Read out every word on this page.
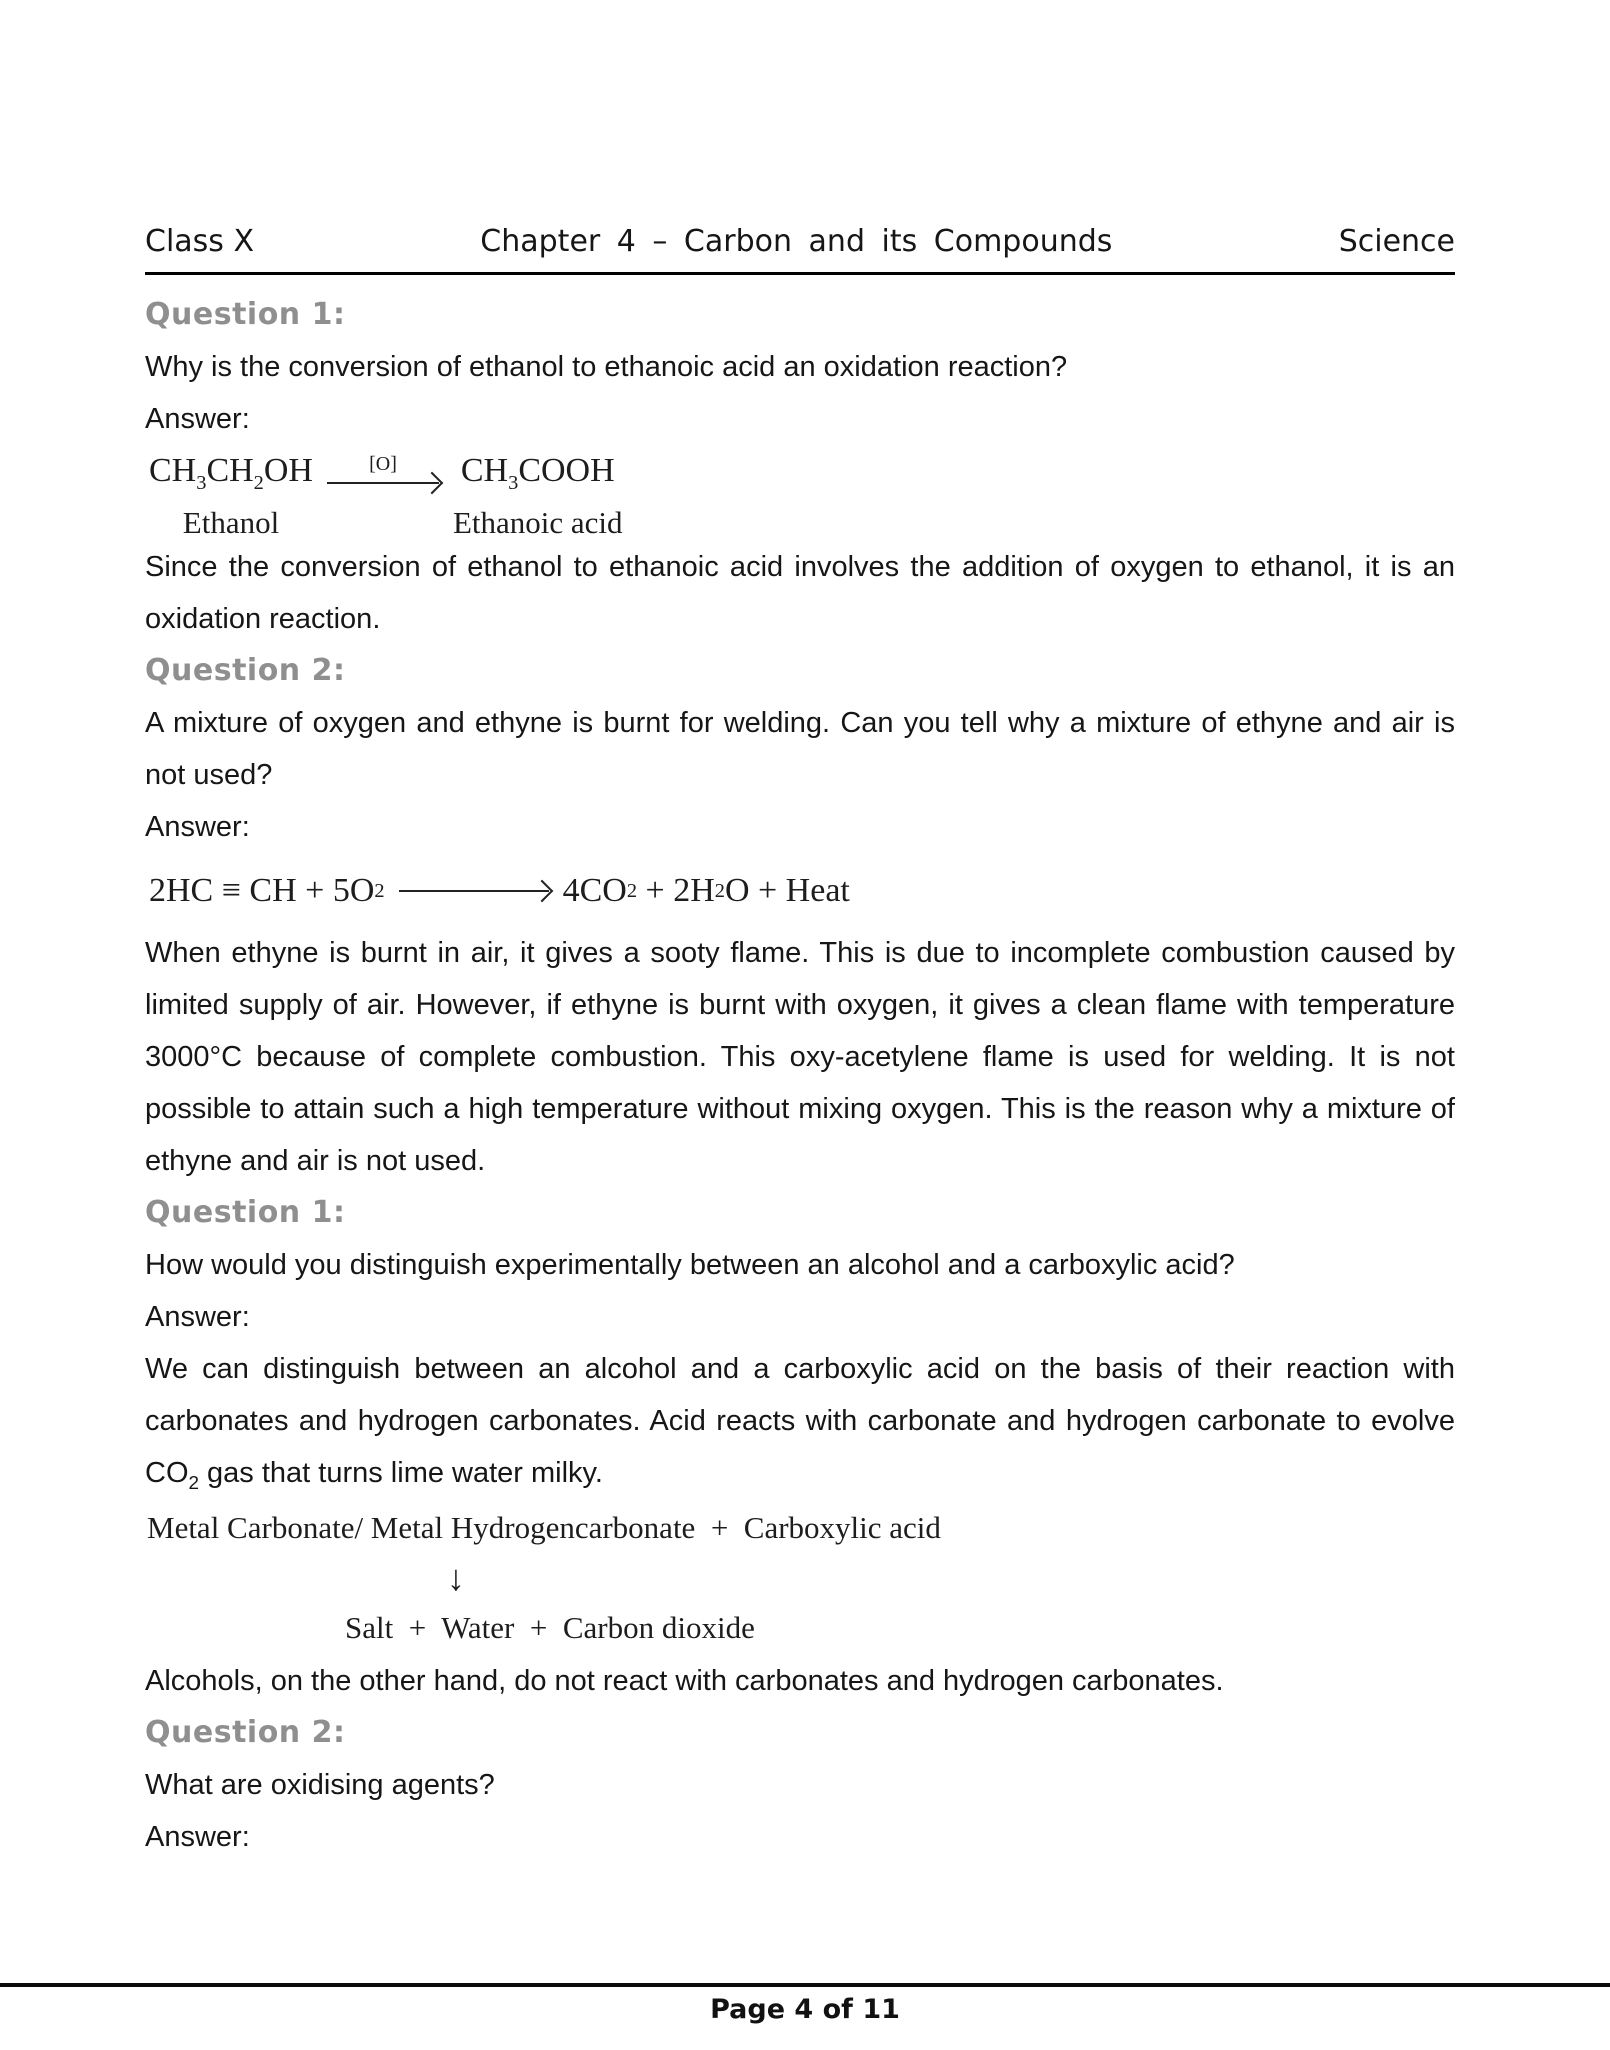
Class X	Chapter 4 – Carbon and its Compounds	Science
Question 1:

Why is the conversion of ethanol to ethanoic acid an oxidation reaction?

Answer:

$CH_3CH_2OH$
Ethanol
[O] $CH_3COOH$
Ethanoic acid

Since the conversion of ethanol to ethanoic acid involves the addition of oxygen to ethanol, it is an oxidation reaction.

Question 2:

A mixture of oxygen and ethyne is burnt for welding. Can you tell why a mixture of ethyne and air is not used?

Answer:

2HC ≡ CH + 5O 2	4CO 2 + 2H 2 O + Heat

When ethyne is burnt in air, it gives a sooty flame. This is due to incomplete combustion caused by limited supply of air. However, if ethyne is burnt with oxygen, it gives a clean flame with temperature 3000°C because of complete combustion. This oxy-acetylene flame is used for welding. It is not possible to attain such a high temperature without mixing oxygen. This is the reason why a mixture of ethyne and air is not used.

Question 1:

How would you distinguish experimentally between an alcohol and a carboxylic acid?

Answer:

We can distinguish between an alcohol and a carboxylic acid on the basis of their reaction with carbonates and hydrogen carbonates. Acid reacts with carbonate and hydrogen carbonate to evolve $CO_2$ gas that turns lime water milky.

Metal Carbonate/ Metal Hydrogencarbonate  +  Carboxylic acid
↓
Salt  +  Water  +  Carbon dioxide

Alcohols, on the other hand, do not react with carbonates and hydrogen carbonates.

Question 2:

What are oxidising agents?

Answer:

Page 4 of 11
